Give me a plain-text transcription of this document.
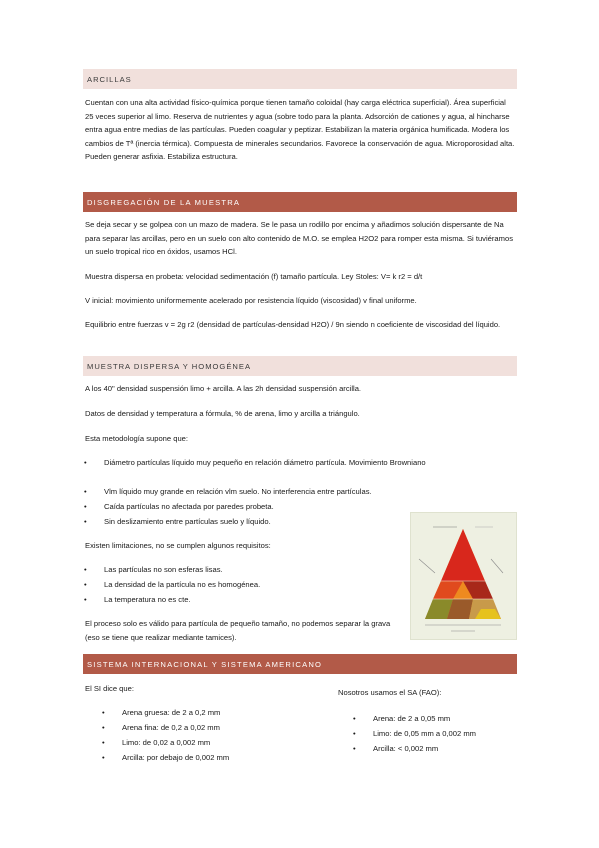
ARCILLAS
Cuentan con una alta actividad físico-química porque tienen tamaño coloidal (hay carga eléctrica superficial). Área superficial 25 veces superior al limo. Reserva de nutrientes y agua (sobre todo para la planta. Adsorción de cationes y agua, al hincharse entra agua entre medias de las partículas. Pueden coagular y peptizar. Estabilizan la materia orgánica humificada. Modera los cambios de Tª (inercia térmica). Compuesta de minerales secundarios. Favorece la conservación de agua. Microporosidad alta. Pueden generar asfixia. Estabiliza estructura.
DISGREGACIÓN DE LA MUESTRA
Se deja secar y se golpea con un mazo de madera. Se le pasa un rodillo por encima y añadimos solución dispersante de Na para separar las arcillas, pero en un suelo con alto contenido de M.O. se emplea H2O2 para romper esta misma. Si tuviéramos un suelo tropical rico en óxidos, usamos HCl.
Muestra dispersa en probeta: velocidad sedimentación (f) tamaño partícula. Ley Stoles: V= k r2 = d/t
V inicial: movimiento uniformemente acelerado por resistencia líquido (viscosidad) v final uniforme.
Equilibrio entre fuerzas v = 2g r2 (densidad de partículas-densidad H2O) / 9n siendo n coeficiente de viscosidad del líquido.
MUESTRA DISPERSA Y HOMOGÉNEA
A los 40" densidad suspensión limo + arcilla. A las 2h densidad suspensión arcilla.
Datos de densidad y temperatura a fórmula, % de arena, limo y arcilla a triángulo.
Esta metodología supone que:
• Diámetro partículas líquido muy pequeño en relación diámetro partícula. Movimiento Browniano
• Vlm líquido muy grande en relación vlm suelo. No interferencia entre partículas.
• Caída partículas no afectada por paredes probeta.
• Sin deslizamiento entre partículas suelo y líquido.
Existen limitaciones, no se cumplen algunos requisitos:
• Las partículas no son esferas lisas.
• La densidad de la partícula no es homogénea.
• La temperatura no es cte.
El proceso solo es válido para partícula de pequeño tamaño, no podemos separar la grava (eso se tiene que realizar mediante tamices).
SISTEMA INTERNACIONAL Y SISTEMA AMERICANO
El SI dice que:
• Arena gruesa: de 2 a 0,2 mm
• Arena fina: de 0,2 a 0,02 mm
• Limo: de 0,02 a 0,002 mm
• Arcilla: por debajo de 0,002 mm
Nosotros usamos el SA (FAO):
• Arena: de 2 a 0,05 mm
• Limo: de 0,05 mm a 0,002 mm
• Arcilla: < 0,002 mm
